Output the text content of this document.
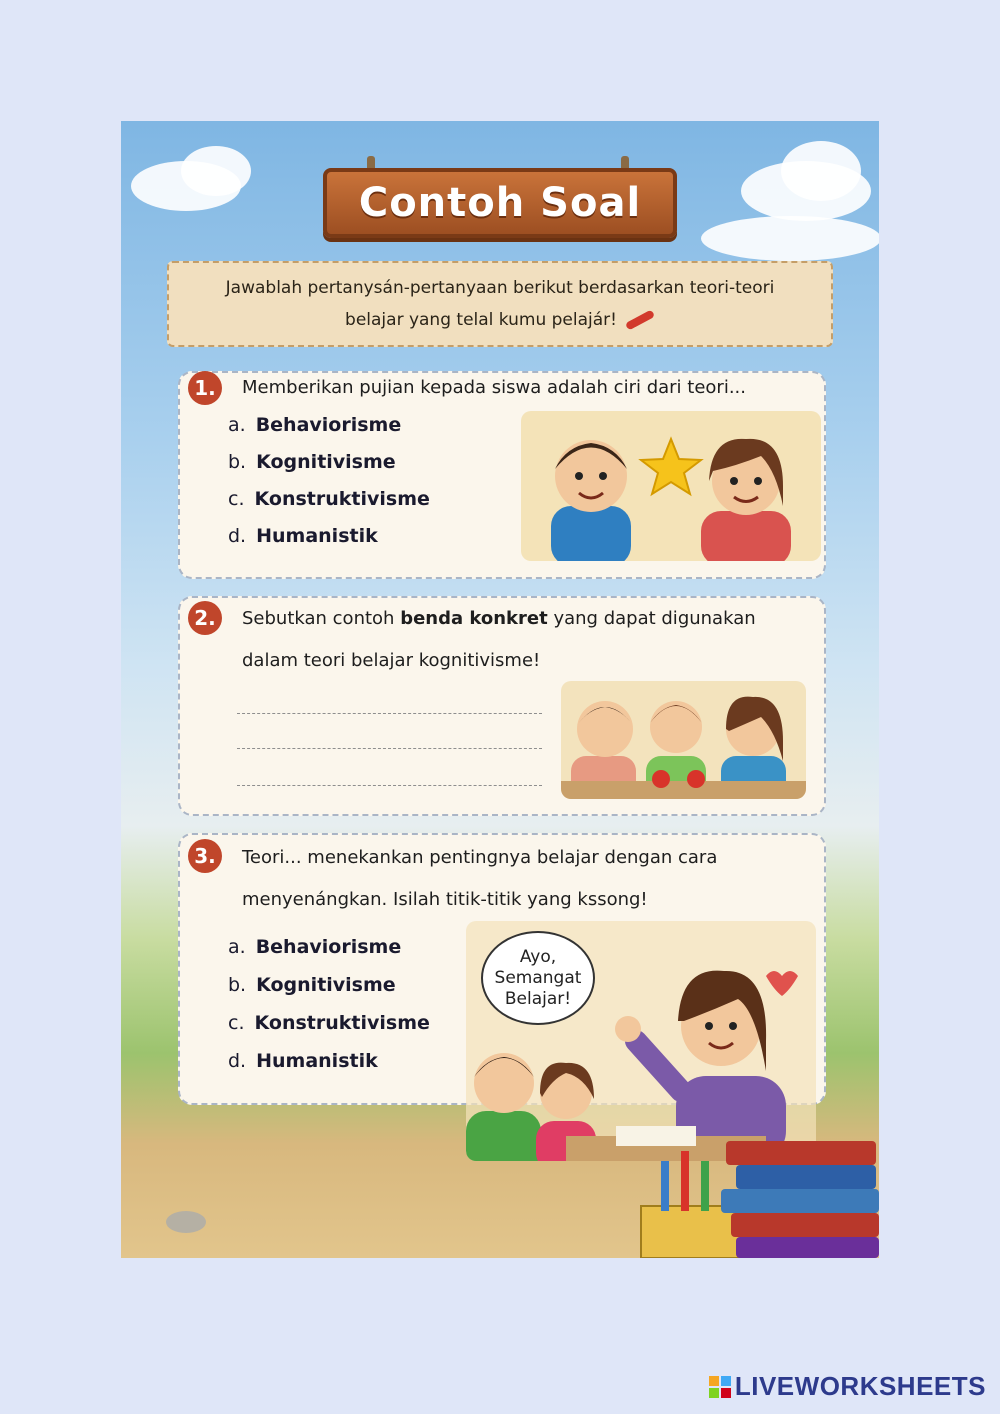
Contoh Soal
Jawablah pertanysán-pertanyaan berikut berdasarkan teori-teori
belajar yang telal kumu pelajár!
1.	Memberikan pujian kepada siswa adalah ciri dari teori...
a. Behaviorisme
b. Kognitivisme
c. Konstruktivisme
d. Humanistik
2.	Sebutkan contoh benda konkret yang dapat digunakan
dalam teori belajar kognitivisme!
3.	Teori... menekankan pentingnya belajar dengan cara
menyenángkan. Isilah titik-titik yang kssong!
a. Behaviorisme
b. Kognitivisme
c. Konstruktivisme
d. Humanistik
Ayo,
Semangat
Belajar!
LIVEWORKSHEETS
